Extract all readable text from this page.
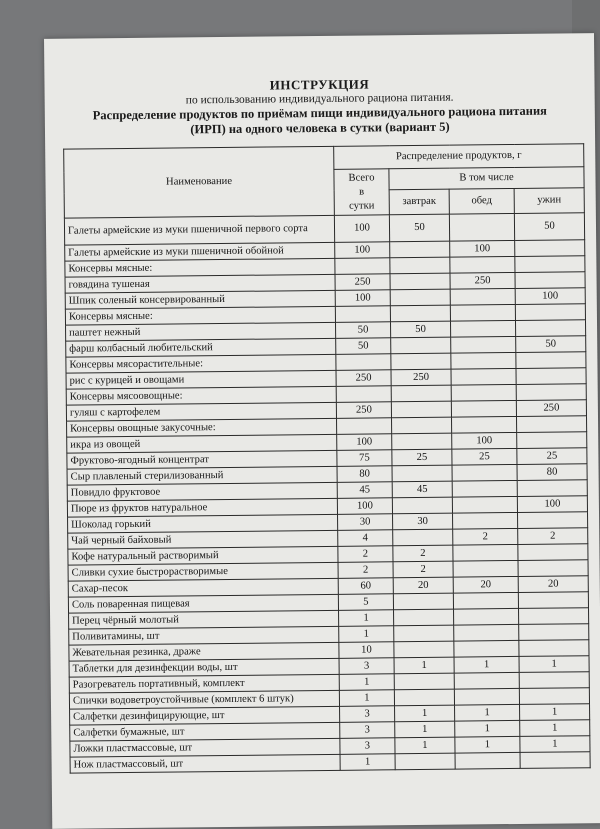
ИНСТРУКЦИЯ
по использованию индивидуального рациона питания.
Распределение продуктов по приёмам пищи индивидуального рациона питания
(ИРП) на одного человека в сутки (вариант 5)
Наименование	Распределение продуктов, г			

	Всего
в
сутки	В том числе		
		завтрак	обед	ужин
Галеты армейские из муки пшеничной первого сорта	100	50		50
Галеты армейские из муки пшеничной обойной	100		100	
Консервы мясные:				
говядина тушеная	250		250	
Шпик соленый консервированный	100			100
Консервы мясные:				
паштет нежный	50	50		
фарш колбасный любительский	50			50
Консервы мясорастительные:				
рис с курицей и овощами	250	250		
Консервы мясоовощные:				
гуляш с картофелем	250			250
Консервы овощные закусочные:				
икра из овощей	100		100	
Фруктово-ягодный концентрат	75	25	25	25
Сыр плавленый стерилизованный	80			80
Повидло фруктовое	45	45		
Пюре из фруктов натуральное	100			100
Шоколад горький	30	30		
Чай черный байховый	4		2	2
Кофе натуральный растворимый	2	2		
Сливки сухие быстрорастворимые	2	2		
Сахар-песок	60	20	20	20
Соль поваренная пищевая	5			
Перец чёрный молотый	1			
Поливитамины, шт	1			
Жевательная резинка, драже	10			
Таблетки для дезинфекции воды, шт	3	1	1	1
Разогреватель портативный, комплект	1			
Спички водоветроустойчивые (комплект 6 штук)	1			
Салфетки дезинфицирующие, шт	3	1	1	1
Салфетки бумажные, шт	3	1	1	1
Ложки пластмассовые, шт	3	1	1	1
Нож пластмассовый, шт	1			
